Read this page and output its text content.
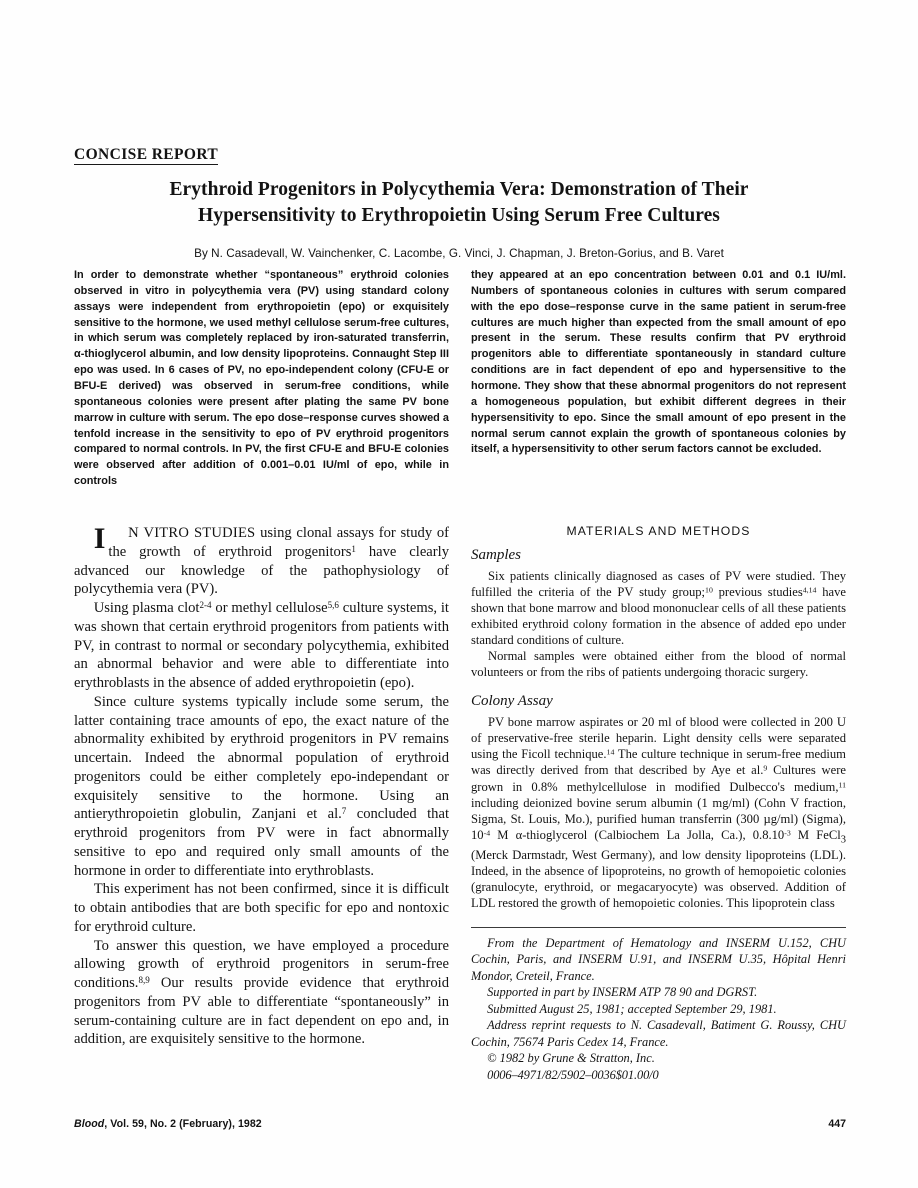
CONCISE REPORT
Erythroid Progenitors in Polycythemia Vera: Demonstration of Their
Hypersensitivity to Erythropoietin Using Serum Free Cultures
By N. Casadevall, W. Vainchenker, C. Lacombe, G. Vinci, J. Chapman, J. Breton-Gorius, and B. Varet

In order to demonstrate whether “spontaneous” erythroid colonies observed in vitro in polycythemia vera (PV) using standard colony assays were independent from erythropoietin (epo) or exquisitely sensitive to the hormone, we used methyl cellulose serum-free cultures, in which serum was completely replaced by iron-saturated transferrin, α-thioglycerol albumin, and low density lipoproteins. Connaught Step III epo was used. In 6 cases of PV, no epo-independent colony (CFU-E or BFU-E derived) was observed in serum-free conditions, while spontaneous colonies were present after plating the same PV bone marrow in culture with serum. The epo dose–response curves showed a tenfold increase in the sensitivity to epo of PV erythroid progenitors compared to normal controls. In PV, the first CFU-E and BFU-E colonies were observed after addition of 0.001–0.01 IU/ml of epo, while in controls

they appeared at an epo concentration between 0.01 and 0.1 IU/ml. Numbers of spontaneous colonies in cultures with serum compared with the epo dose–response curve in the same patient in serum-free cultures are much higher than expected from the small amount of epo present in the serum. These results confirm that PV erythroid progenitors able to differentiate spontaneously in standard culture conditions are in fact dependent of epo and hypersensitive to the hormone. They show that these abnormal progenitors do not represent a homogeneous population, but exhibit different degrees in their hypersensitivity to epo. Since the small amount of epo present in the normal serum cannot explain the growth of spontaneous colonies by itself, a hypersensitivity to other serum factors cannot be excluded.

I N VITRO STUDIES using clonal assays for study of the growth of erythroid progenitors$^1$ have clearly advanced our knowledge of the pathophysiology of polycythemia vera (PV).

Using plasma clot$^{2-4}$ or methyl cellulose$^{5,6}$ culture systems, it was shown that certain erythroid progenitors from patients with PV, in contrast to normal or secondary polycythemia, exhibited an abnormal behavior and were able to differentiate into erythroblasts in the absence of added erythropoietin (epo).

Since culture systems typically include some serum, the latter containing trace amounts of epo, the exact nature of the abnormality exhibited by erythroid progenitors in PV remains uncertain. Indeed the abnormal population of erythroid progenitors could be either completely epo-independant or exquisitely sensitive to the hormone. Using an antierythropoietin globulin, Zanjani et al.$^7$ concluded that erythroid progenitors from PV were in fact abnormally sensitive to epo and required only small amounts of the hormone in order to differentiate into erythroblasts.

This experiment has not been confirmed, since it is difficult to obtain antibodies that are both specific for epo and nontoxic for erythroid culture.

To answer this question, we have employed a procedure allowing growth of erythroid progenitors in serum-free conditions.$^{8,9}$ Our results provide evidence that erythroid progenitors from PV able to differentiate “spontaneously” in serum-containing culture are in fact dependent on epo and, in addition, are exquisitely sensitive to the hormone.

MATERIALS AND METHODS
Samples

Six patients clinically diagnosed as cases of PV were studied. They fulfilled the criteria of the PV study group;$^{10}$ previous studies$^{4,14}$ have shown that bone marrow and blood mononuclear cells of all these patients exhibited erythroid colony formation in the absence of added epo under standard conditions of culture.

Normal samples were obtained either from the blood of normal volunteers or from the ribs of patients undergoing thoracic surgery.

Colony Assay

PV bone marrow aspirates or 20 ml of blood were collected in 200 U of preservative-free sterile heparin. Light density cells were separated using the Ficoll technique.$^{14}$ The culture technique in serum-free medium was directly derived from that described by Aye et al.$^9$ Cultures were grown in 0.8% methylcellulose in modified Dulbecco's medium,$^{11}$ including deionized bovine serum albumin (1 mg/ml) (Cohn V fraction, Sigma, St. Louis, Mo.), purified human transferrin (300 µg/ml) (Sigma), $10^{-4}$ M α-thioglycerol (Calbiochem La Jolla, Ca.), $0.8.10^{-3}$ M FeCl$_3$ (Merck Darmstadr, West Germany), and low density lipoproteins (LDL). Indeed, in the absence of lipoproteins, no growth of hemopoietic colonies (granulocyte, erythroid, or megacaryocyte) was observed. Addition of LDL restored the growth of hemopoietic colonies. This lipoprotein class

From the Department of Hematology and INSERM U.152, CHU Cochin, Paris, and INSERM U.91, and INSERM U.35, Hôpital Henri Mondor, Creteil, France.

Supported in part by INSERM ATP 78 90 and DGRST.

Submitted August 25, 1981; accepted September 29, 1981.

Address reprint requests to N. Casadevall, Batiment G. Roussy, CHU Cochin, 75674 Paris Cedex 14, France.

© 1982 by Grune & Stratton, Inc.

0006–4971/82/5902–0036$01.00/0

Blood, Vol. 59, No. 2 (February), 1982	447
